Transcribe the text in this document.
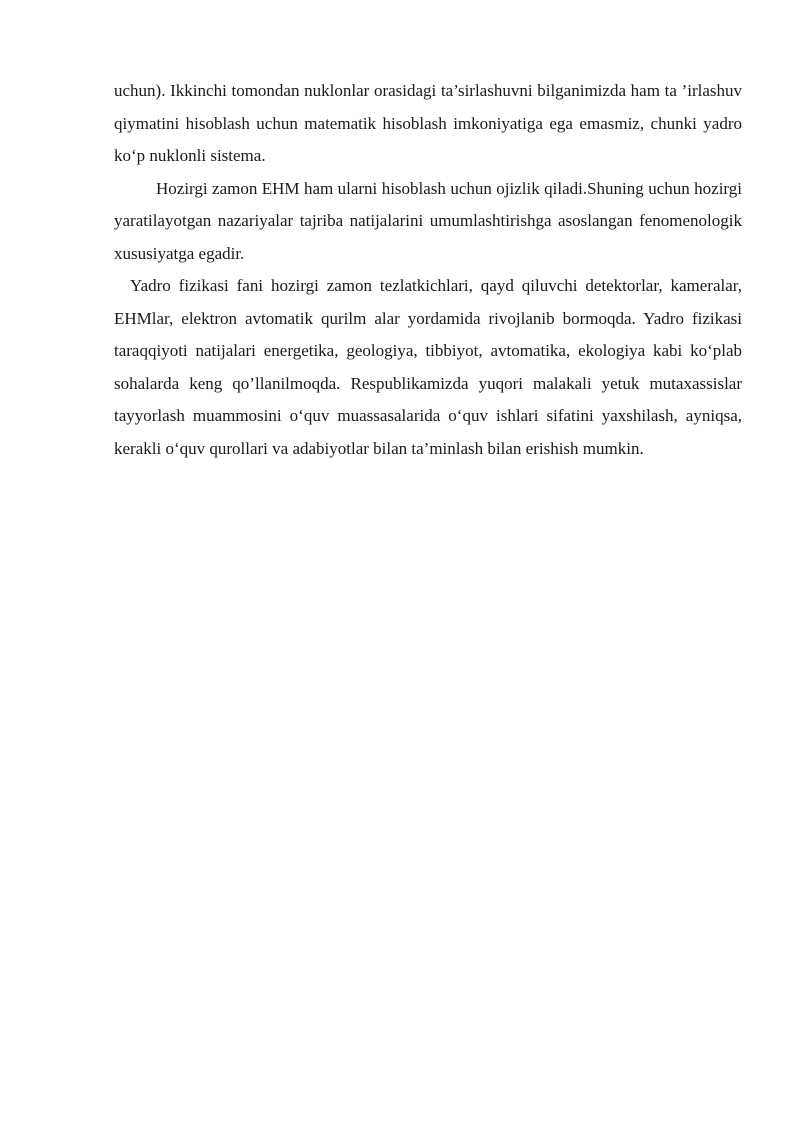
uchun). Ikkinchi tomondan nuklonlar orasidagi ta’sirlashuvni bilganimizda ham ta ’irlashuv qiymatini hisoblash uchun matematik hisoblash imkoniyatiga ega emasmiz, chunki yadro ko‘p nuklonli sistema.

Hozirgi zamon EHM ham ularni hisoblash uchun ojizlik qiladi.Shuning uchun hozirgi yaratilayotgan nazariyalar tajriba natijalarini umumlashtirishga asoslangan fenomenologik xususiyatga egadir.

Yadro fizikasi fani hozirgi zamon tezlatkichlari, qayd qiluvchi detektorlar, kameralar, EHMlar, elektron avtomatik qurilm alar yordamida rivojlanib bormoqda. Yadro fizikasi taraqqiyoti natijalari energetika, geologiya, tibbiyot, avtomatika, ekologiya kabi ko‘plab sohalarda keng qo’llanilmoqda. Respublikamizda yuqori malakali yetuk mutaxassislar tayyorlash muammosini o‘quv muassasalarida o‘quv ishlari sifatini yaxshilash, ayniqsa, kerakli o‘quv qurollari va adabiyotlar bilan ta’minlash bilan erishish mumkin.
